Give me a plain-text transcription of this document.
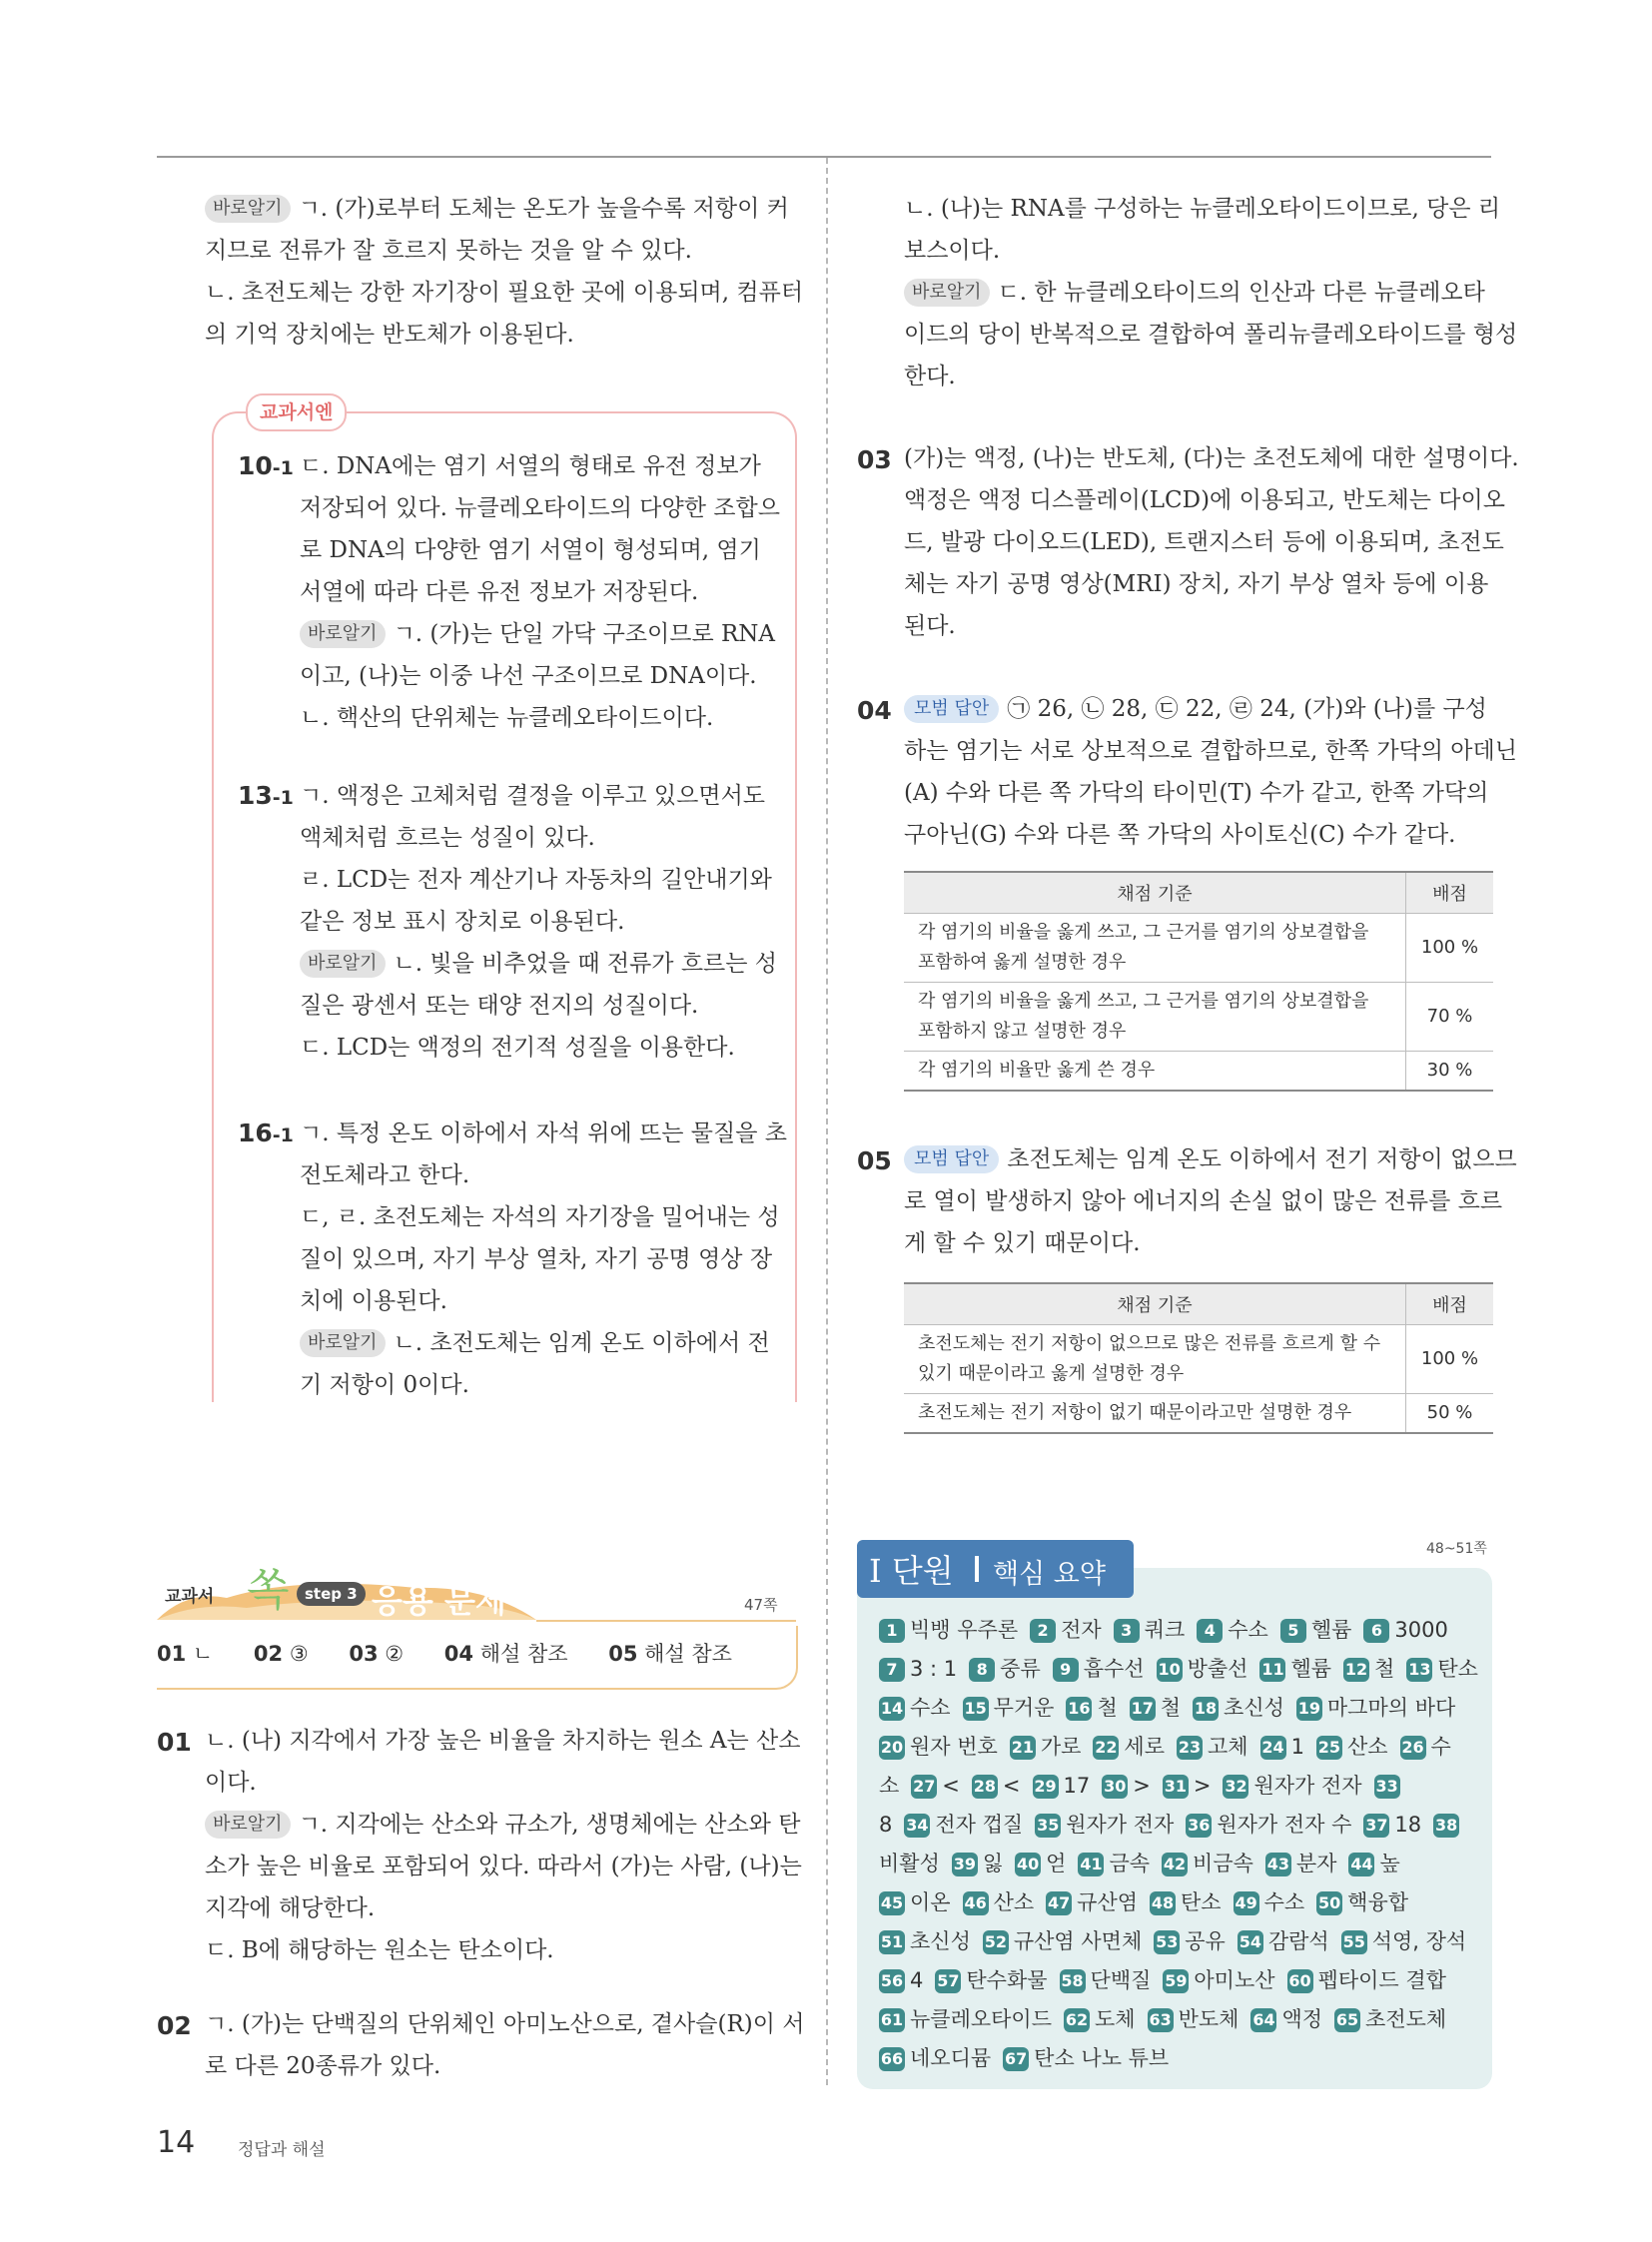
바로알기 ㄱ. (가)로부터 도체는 온도가 높을수록 저항이 커

지므로 전류가 잘 흐르지 못하는 것을 알 수 있다.

ㄴ. 초전도체는 강한 자기장이 필요한 곳에 이용되며, 컴퓨터

의 기억 장치에는 반도체가 이용된다.

교과서엔
10-1 ㄷ. DNA에는 염기 서열의 형태로 유전 정보가

저장되어 있다. 뉴클레오타이드의 다양한 조합으

로 DNA의 다양한 염기 서열이 형성되며, 염기

서열에 따라 다른 유전 정보가 저장된다.

바로알기 ㄱ. (가)는 단일 가닥 구조이므로 RNA

이고, (나)는 이중 나선 구조이므로 DNA이다.

ㄴ. 핵산의 단위체는 뉴클레오타이드이다.

13-1 ㄱ. 액정은 고체처럼 결정을 이루고 있으면서도

액체처럼 흐르는 성질이 있다.

ㄹ. LCD는 전자 계산기나 자동차의 길안내기와

같은 정보 표시 장치로 이용된다.

바로알기 ㄴ. 빛을 비추었을 때 전류가 흐르는 성

질은 광센서 또는 태양 전지의 성질이다.

ㄷ. LCD는 액정의 전기적 성질을 이용한다.

16-1 ㄱ. 특정 온도 이하에서 자석 위에 뜨는 물질을 초

전도체라고 한다.

ㄷ, ㄹ. 초전도체는 자석의 자기장을 밀어내는 성

질이 있으며, 자기 부상 열차, 자기 공명 영상 장

치에 이용된다.

바로알기 ㄴ. 초전도체는 임계 온도 이하에서 전

기 저항이 0이다.

교과서 쏙	step 3 응용 문제	47쪽
01 ㄴ 02 ③ 03 ② 04 해설 참조 05 해설 참조
01 ㄴ. (나) 지각에서 가장 높은 비율을 차지하는 원소 A는 산소

이다.

바로알기 ㄱ. 지각에는 산소와 규소가, 생명체에는 산소와 탄

소가 높은 비율로 포함되어 있다. 따라서 (가)는 사람, (나)는

지각에 해당한다.

ㄷ. B에 해당하는 원소는 탄소이다.

02 ㄱ. (가)는 단백질의 단위체인 아미노산으로, 곁사슬(R)이 서

로 다른 20종류가 있다.

ㄴ. (나)는 RNA를 구성하는 뉴클레오타이드이므로, 당은 리

보스이다.

바로알기 ㄷ. 한 뉴클레오타이드의 인산과 다른 뉴클레오타

이드의 당이 반복적으로 결합하여 폴리뉴클레오타이드를 형성

한다.

03 (가)는 액정, (나)는 반도체, (다)는 초전도체에 대한 설명이다.

액정은 액정 디스플레이(LCD)에 이용되고, 반도체는 다이오

드, 발광 다이오드(LED), 트랜지스터 등에 이용되며, 초전도

체는 자기 공명 영상(MRI) 장치, 자기 부상 열차 등에 이용

된다.

04	모범 답안 ㉠ 26, ㉡ 28, ㉢ 22, ㉣ 24, (가)와 (나)를 구성

하는 염기는 서로 상보적으로 결합하므로, 한쪽 가닥의 아데닌

(A) 수와 다른 쪽 가닥의 타이민(T) 수가 같고, 한쪽 가닥의

구아닌(G) 수와 다른 쪽 가닥의 사이토신(C) 수가 같다.

채점 기준	배점
각 염기의 비율을 옳게 쓰고, 그 근거를 염기의 상보결합을
포함하여 옳게 설명한 경우	100 %
각 염기의 비율을 옳게 쓰고, 그 근거를 염기의 상보결합을
포함하지 않고 설명한 경우	70 %
각 염기의 비율만 옳게 쓴 경우	30 %
05	모범 답안 초전도체는 임계 온도 이하에서 전기 저항이 없으므

로 열이 발생하지 않아 에너지의 손실 없이 많은 전류를 흐르

게 할 수 있기 때문이다.

채점 기준	배점
초전도체는 전기 저항이 없으므로 많은 전류를 흐르게 할 수
있기 때문이라고 옳게 설명한 경우	100 %
초전도체는 전기 저항이 없기 때문이라고만 설명한 경우	50 %
I 단원 핵심 요약
48~51쪽
1 빅뱅 우주론 2 전자 3 쿼크 4 수소 5 헬륨 6 3000
7 3 : 1 8 중류 9 흡수선 10 방출선 11 헬륨 12 철 13 탄소
14 수소 15 무거운 16 철 17 철 18 초신성 19 마그마의 바다
20 원자 번호 21 가로 22 세로 23 고체 24 1 25 산소 26 수
소 27 < 28 < 29 17 30 > 31 > 32 원자가 전자 33
8 34 전자 껍질 35 원자가 전자 36 원자가 전자 수 37 18 38
비활성 39 잃 40 얻 41 금속 42 비금속 43 분자 44 높
45 이온 46 산소 47 규산염 48 탄소 49 수소 50 핵융합
51 초신성 52 규산염 사면체 53 공유 54 감람석 55 석영, 장석
56 4 57 탄수화물 58 단백질 59 아미노산 60 펩타이드 결합
61 뉴클레오타이드 62 도체 63 반도체 64 액정 65 초전도체
66 네오디뮴 67 탄소 나노 튜브
14	정답과 해설
